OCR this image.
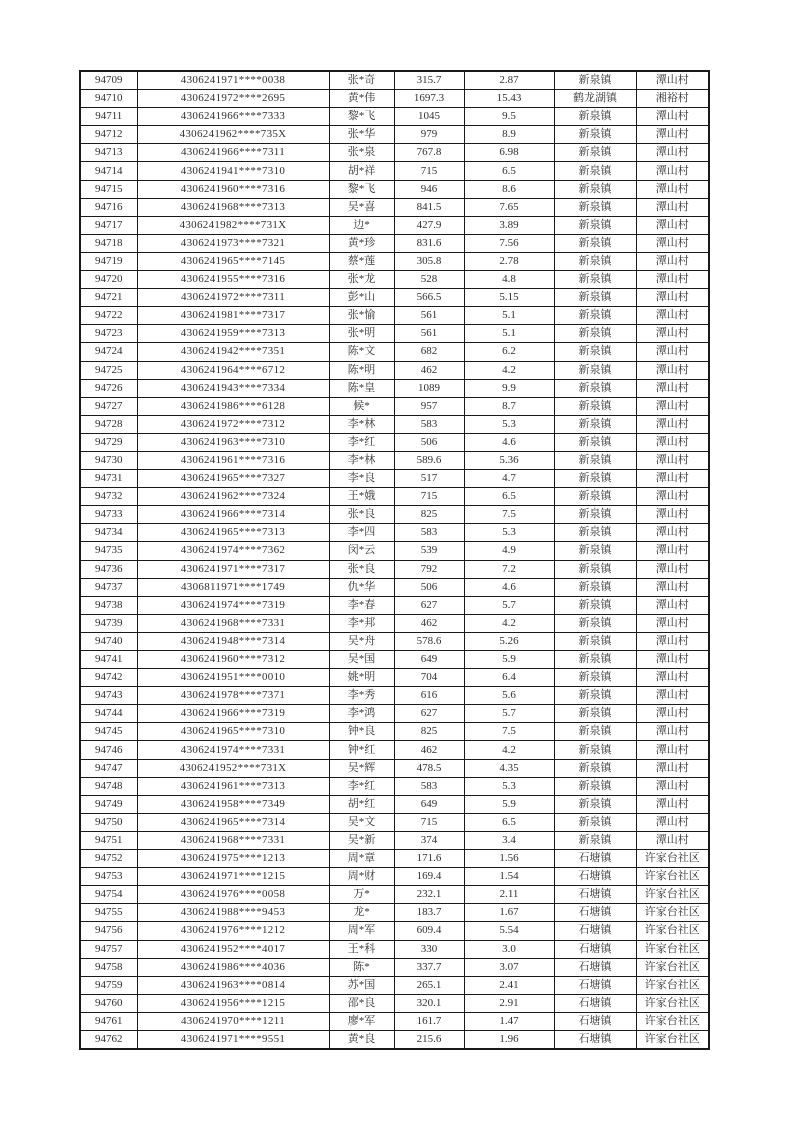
94709	4306241971****0038	张*奇	315.7	2.87	新泉镇	潭山村
94710	4306241972****2695	黄*伟	1697.3	15.43	鹤龙湖镇	湘裕村
94711	4306241966****7333	黎*飞	1045	9.5	新泉镇	潭山村
94712	4306241962****735X	张*华	979	8.9	新泉镇	潭山村
94713	4306241966****7311	张*泉	767.8	6.98	新泉镇	潭山村
94714	4306241941****7310	胡*祥	715	6.5	新泉镇	潭山村
94715	4306241960****7316	黎*飞	946	8.6	新泉镇	潭山村
94716	4306241968****7313	吴*喜	841.5	7.65	新泉镇	潭山村
94717	4306241982****731X	边*	427.9	3.89	新泉镇	潭山村
94718	4306241973****7321	黄*珍	831.6	7.56	新泉镇	潭山村
94719	4306241965****7145	蔡*莲	305.8	2.78	新泉镇	潭山村
94720	4306241955****7316	张*龙	528	4.8	新泉镇	潭山村
94721	4306241972****7311	彭*山	566.5	5.15	新泉镇	潭山村
94722	4306241981****7317	张*愉	561	5.1	新泉镇	潭山村
94723	4306241959****7313	张*明	561	5.1	新泉镇	潭山村
94724	4306241942****7351	陈*文	682	6.2	新泉镇	潭山村
94725	4306241964****6712	陈*明	462	4.2	新泉镇	潭山村
94726	4306241943****7334	陈*皇	1089	9.9	新泉镇	潭山村
94727	4306241986****6128	候*	957	8.7	新泉镇	潭山村
94728	4306241972****7312	李*林	583	5.3	新泉镇	潭山村
94729	4306241963****7310	李*红	506	4.6	新泉镇	潭山村
94730	4306241961****7316	李*林	589.6	5.36	新泉镇	潭山村
94731	4306241965****7327	李*良	517	4.7	新泉镇	潭山村
94732	4306241962****7324	王*娥	715	6.5	新泉镇	潭山村
94733	4306241966****7314	张*良	825	7.5	新泉镇	潭山村
94734	4306241965****7313	李*四	583	5.3	新泉镇	潭山村
94735	4306241974****7362	闵*云	539	4.9	新泉镇	潭山村
94736	4306241971****7317	张*良	792	7.2	新泉镇	潭山村
94737	4306811971****1749	仇*华	506	4.6	新泉镇	潭山村
94738	4306241974****7319	李*春	627	5.7	新泉镇	潭山村
94739	4306241968****7331	李*邦	462	4.2	新泉镇	潭山村
94740	4306241948****7314	吴*舟	578.6	5.26	新泉镇	潭山村
94741	4306241960****7312	吴*国	649	5.9	新泉镇	潭山村
94742	4306241951****0010	姚*明	704	6.4	新泉镇	潭山村
94743	4306241978****7371	李*秀	616	5.6	新泉镇	潭山村
94744	4306241966****7319	李*鸿	627	5.7	新泉镇	潭山村
94745	4306241965****7310	钟*良	825	7.5	新泉镇	潭山村
94746	4306241974****7331	钟*红	462	4.2	新泉镇	潭山村
94747	4306241952****731X	吴*辉	478.5	4.35	新泉镇	潭山村
94748	4306241961****7313	李*红	583	5.3	新泉镇	潭山村
94749	4306241958****7349	胡*红	649	5.9	新泉镇	潭山村
94750	4306241965****7314	吴*文	715	6.5	新泉镇	潭山村
94751	4306241968****7331	吴*新	374	3.4	新泉镇	潭山村
94752	4306241975****1213	周*章	171.6	1.56	石塘镇	许家台社区
94753	4306241971****1215	周*财	169.4	1.54	石塘镇	许家台社区
94754	4306241976****0058	万*	232.1	2.11	石塘镇	许家台社区
94755	4306241988****9453	龙*	183.7	1.67	石塘镇	许家台社区
94756	4306241976****1212	周*军	609.4	5.54	石塘镇	许家台社区
94757	4306241952****4017	王*科	330	3.0	石塘镇	许家台社区
94758	4306241986****4036	陈*	337.7	3.07	石塘镇	许家台社区
94759	4306241963****0814	苏*国	265.1	2.41	石塘镇	许家台社区
94760	4306241956****1215	邵*良	320.1	2.91	石塘镇	许家台社区
94761	4306241970****1211	廖*军	161.7	1.47	石塘镇	许家台社区
94762	4306241971****9551	黄*良	215.6	1.96	石塘镇	许家台社区
